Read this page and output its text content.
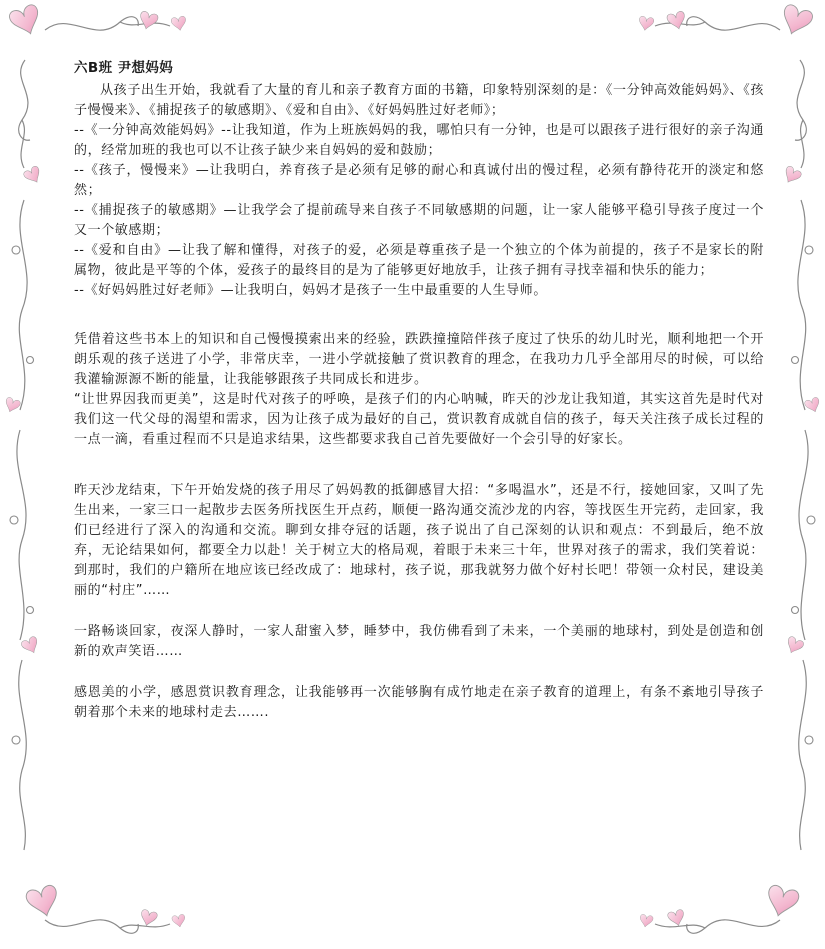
六B班 尹想妈妈

从孩子出生开始，我就看了大量的育儿和亲子教育方面的书籍，印象特别深刻的是：《一分钟高效能妈妈》、《孩子慢慢来》、《捕捉孩子的敏感期》、《爱和自由》、《好妈妈胜过好老师》；

--《一分钟高效能妈妈》--让我知道，作为上班族妈妈的我，哪怕只有一分钟，也是可以跟孩子进行很好的亲子沟通的，经常加班的我也可以不让孩子缺少来自妈妈的爱和鼓励；

--《孩子，慢慢来》—让我明白，养育孩子是必须有足够的耐心和真诚付出的慢过程，必须有静待花开的淡定和悠然；

--《捕捉孩子的敏感期》—让我学会了提前疏导来自孩子不同敏感期的问题，让一家人能够平稳引导孩子度过一个又一个敏感期；

--《爱和自由》—让我了解和懂得，对孩子的爱，必须是尊重孩子是一个独立的个体为前提的，孩子不是家长的附属物，彼此是平等的个体，爱孩子的最终目的是为了能够更好地放手，让孩子拥有寻找幸福和快乐的能力；

--《好妈妈胜过好老师》—让我明白，妈妈才是孩子一生中最重要的人生导师。

凭借着这些书本上的知识和自己慢慢摸索出来的经验，跌跌撞撞陪伴孩子度过了快乐的幼儿时光，顺利地把一个开朗乐观的孩子送进了小学，非常庆幸，一进小学就接触了赏识教育的理念，在我功力几乎全部用尽的时候，可以给我灌输源源不断的能量，让我能够跟孩子共同成长和进步。

“让世界因我而更美”，这是时代对孩子的呼唤，是孩子们的内心呐喊，昨天的沙龙让我知道，其实这首先是时代对我们这一代父母的渴望和需求，因为让孩子成为最好的自己，赏识教育成就自信的孩子，每天关注孩子成长过程的一点一滴，看重过程而不只是追求结果，这些都要求我自己首先要做好一个会引导的好家长。

昨天沙龙结束，下午开始发烧的孩子用尽了妈妈教的抵御感冒大招：“多喝温水”，还是不行，接她回家，又叫了先生出来，一家三口一起散步去医务所找医生开点药，顺便一路沟通交流沙龙的内容，等找医生开完药，走回家，我们已经进行了深入的沟通和交流。聊到女排夺冠的话题，孩子说出了自己深刻的认识和观点：不到最后，绝不放弃，无论结果如何，都要全力以赴！关于树立大的格局观，着眼于未来三十年，世界对孩子的需求，我们笑着说：到那时，我们的户籍所在地应该已经改成了：地球村，孩子说，那我就努力做个好村长吧！带领一众村民，建设美丽的“村庄”……

一路畅谈回家，夜深人静时，一家人甜蜜入梦，睡梦中，我仿佛看到了未来，一个美丽的地球村，到处是创造和创新的欢声笑语……

感恩美的小学，感恩赏识教育理念，让我能够再一次能够胸有成竹地走在亲子教育的道理上，有条不紊地引导孩子朝着那个未来的地球村走去…….
